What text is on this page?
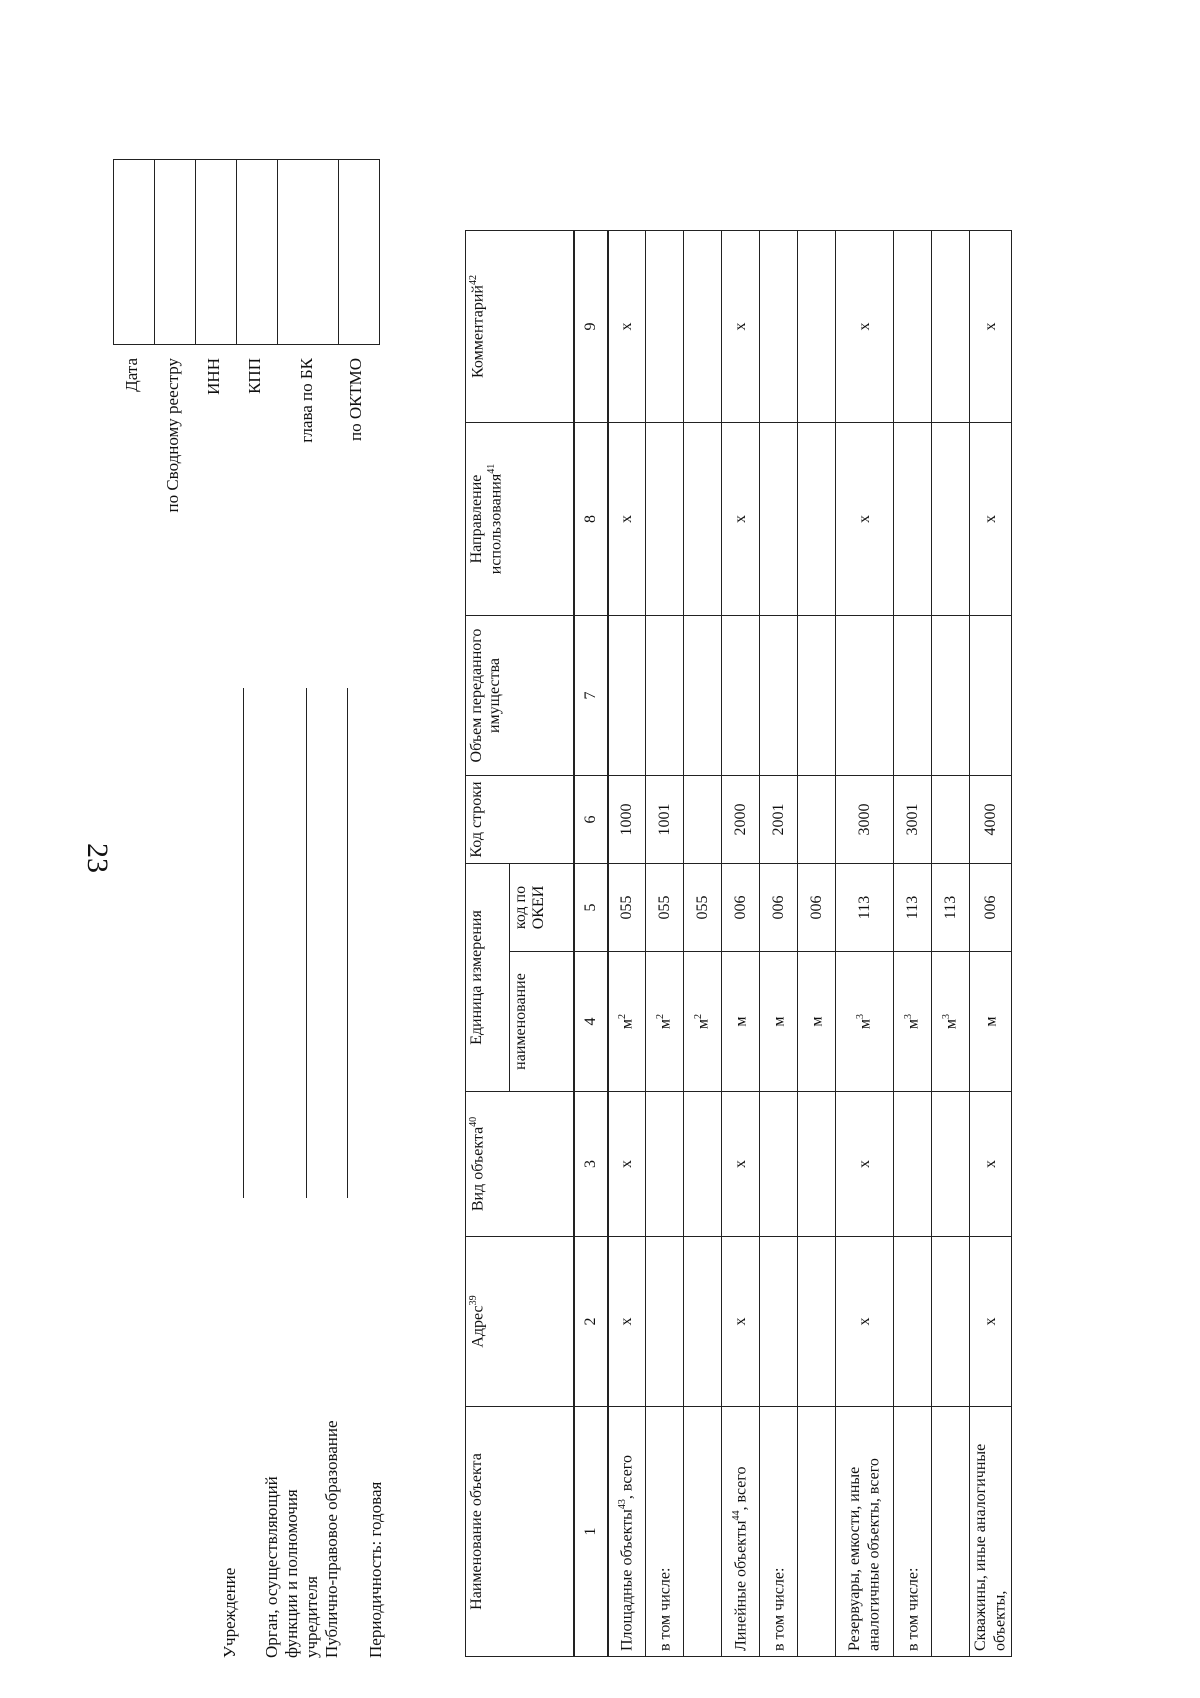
23
Учреждение Орган, осуществляющий функции и полномочия учредителя Публично-правовое образование Периодичность: годовая
Дата по Сводному реестру ИНН КПП глава по БК по ОКТМО

Наименование объекта	Адрес$^{39}$	Вид объекта$^{40}$	Единица измерения		Код строки	Объем переданного имущества	Направление использования$^{41}$	Комментарий$^{42}$
			наименование	код по ОКЕИ				
1	2	3	4	5	6	7	8	9
Площадные объекты$^{43}$, всего	x	x	$м^2$	055	1000		x	x
в том числе:			$м^2$	055	1001			
			$м^2$	055				
Линейные объекты$^{44}$, всего	x	x	м	006	2000		x	x
в том числе:			м	006	2001			
			м	006				
Резервуары, емкости, иные аналогичные объекты, всего	x	x	$м^3$	113	3000		x	x
в том числе:			$м^3$	113	3001			
			$м^3$	113				
Скважины, иные аналогичные объекты,	x	x	м	006	4000		x	x
